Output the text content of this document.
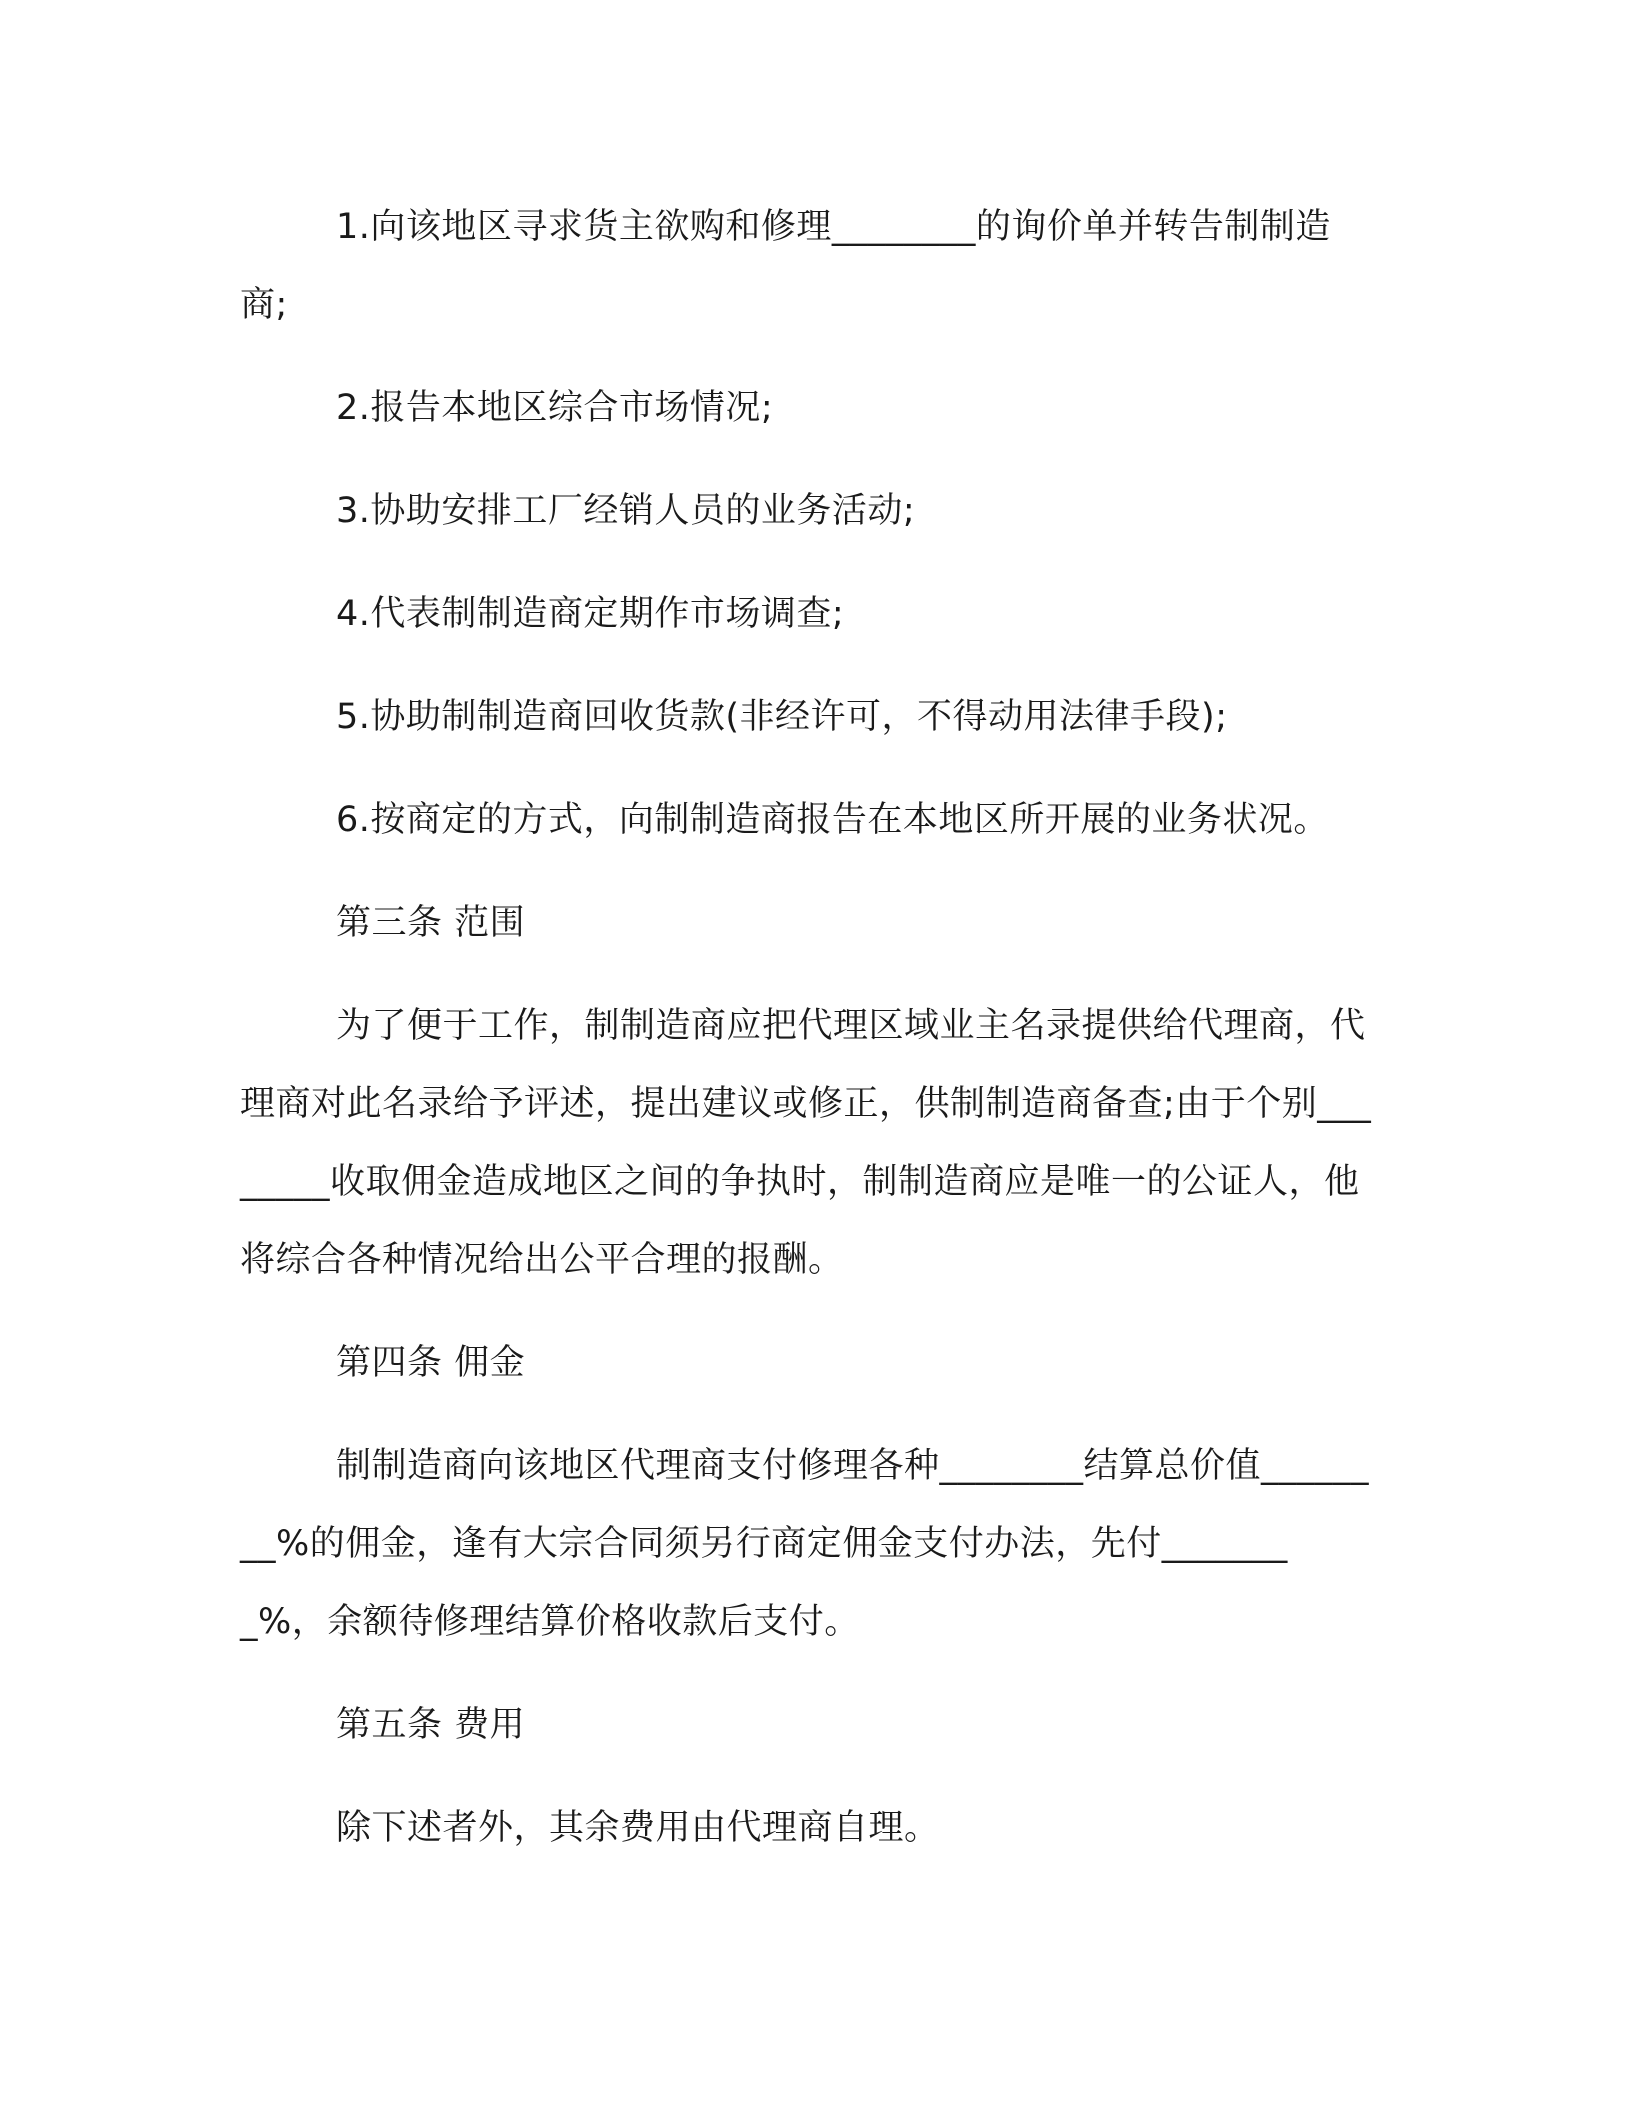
1.向该地区寻求货主欲购和修理________的询价单并转告制制造商;

2.报告本地区综合市场情况;

3.协助安排工厂经销人员的业务活动;

4.代表制制造商定期作市场调查;

5.协助制制造商回收货款(非经许可，不得动用法律手段);

6.按商定的方式，向制制造商报告在本地区所开展的业务状况。

第三条 范围

为了便于工作，制制造商应把代理区域业主名录提供给代理商，代理商对此名录给予评述，提出建议或修正，供制制造商备查;由于个别________收取佣金造成地区之间的争执时，制制造商应是唯一的公证人，他将综合各种情况给出公平合理的报酬。

第四条 佣金

制制造商向该地区代理商支付修理各种________结算总价值________%的佣金，逢有大宗合同须另行商定佣金支付办法，先付________%，余额待修理结算价格收款后支付。

第五条 费用

除下述者外，其余费用由代理商自理。
